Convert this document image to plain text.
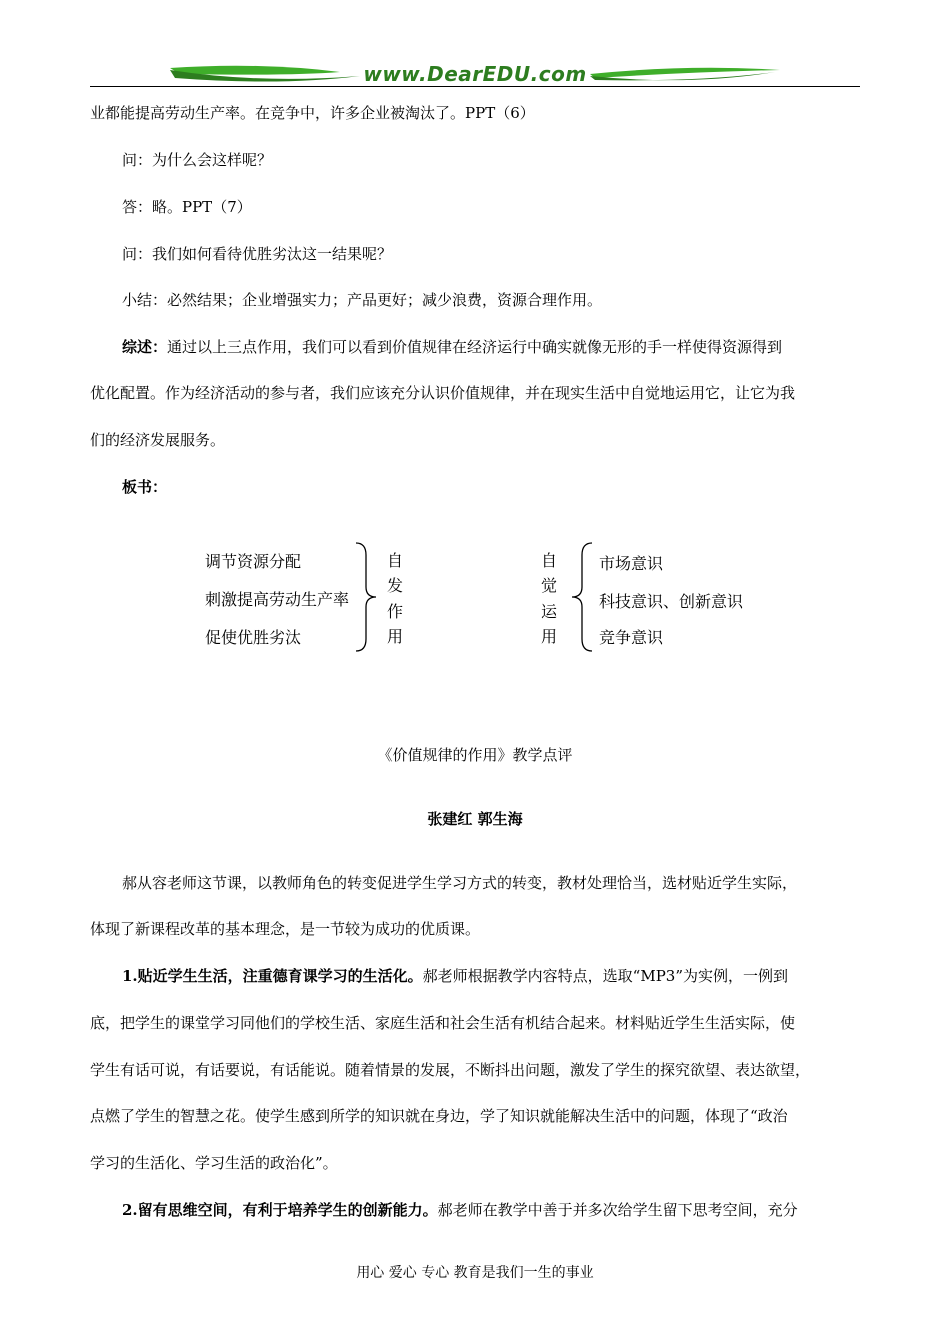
www.DearEDU.com
业都能提高劳动生产率。在竞争中，许多企业被淘汰了。PPT（6）
问：为什么会这样呢？
答：略。PPT（7）
问：我们如何看待优胜劣汰这一结果呢？
小结：必然结果；企业增强实力；产品更好；减少浪费，资源合理作用。
综述：通过以上三点作用，我们可以看到价值规律在经济运行中确实就像无形的手一样使得资源得到
优化配置。作为经济活动的参与者，我们应该充分认识价值规律，并在现实生活中自觉地运用它，让它为我
们的经济发展服务。
板书：
调节资源分配
刺激提高劳动生产率
促使优胜劣汰
自
发
作
用
自
觉
运
用
市场意识
科技意识、创新意识
竞争意识
《价值规律的作用》教学点评
张建红 郭生海
郝从容老师这节课，以教师角色的转变促进学生学习方式的转变，教材处理恰当，选材贴近学生实际，
体现了新课程改革的基本理念，是一节较为成功的优质课。
1.贴近学生生活，注重德育课学习的生活化。郝老师根据教学内容特点，选取“MP3”为实例，一例到
底，把学生的课堂学习同他们的学校生活、家庭生活和社会生活有机结合起来。材料贴近学生生活实际，使
学生有话可说，有话要说，有话能说。随着情景的发展，不断抖出问题，激发了学生的探究欲望、表达欲望，
点燃了学生的智慧之花。使学生感到所学的知识就在身边，学了知识就能解决生活中的问题，体现了“政治
学习的生活化、学习生活的政治化”。
2.留有思维空间，有利于培养学生的创新能力。郝老师在教学中善于并多次给学生留下思考空间，充分
用心 爱心 专心 教育是我们一生的事业
